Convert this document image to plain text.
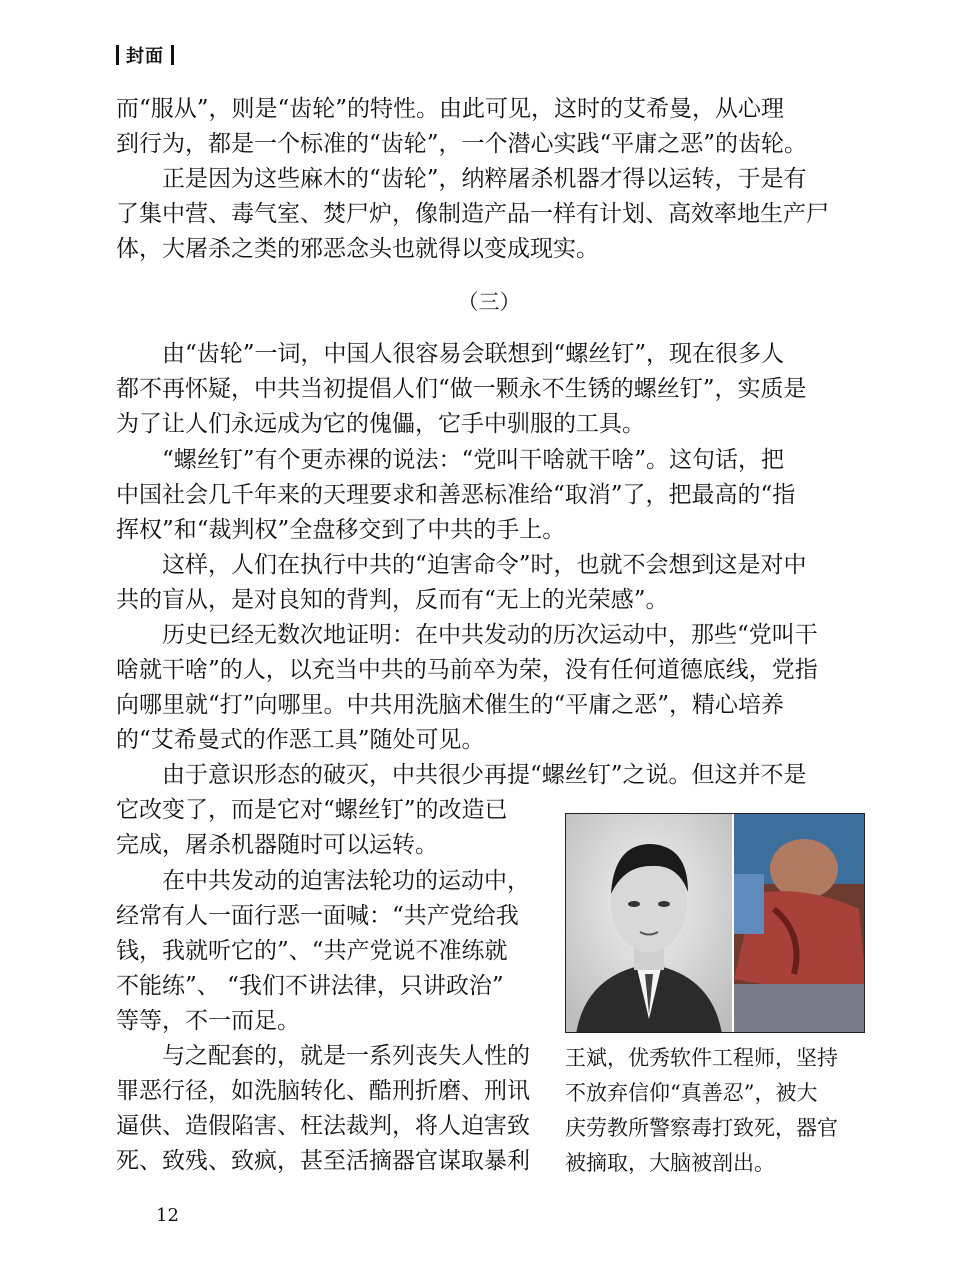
封面
而“服从”，则是“齿轮”的特性。由此可见，这时的艾希曼，从心理
到行为，都是一个标准的“齿轮”，一个潜心实践“平庸之恶”的齿轮。
　　正是因为这些麻木的“齿轮”，纳粹屠杀机器才得以运转，于是有
了集中营、毒气室、焚尸炉，像制造产品一样有计划、高效率地生产尸
体，大屠杀之类的邪恶念头也就得以变成现实。
（三）
　　由“齿轮”一词，中国人很容易会联想到“螺丝钉”，现在很多人
都不再怀疑，中共当初提倡人们“做一颗永不生锈的螺丝钉”，实质是
为了让人们永远成为它的傀儡，它手中驯服的工具。
　　“螺丝钉”有个更赤裸的说法：“党叫干啥就干啥”。这句话，把
中国社会几千年来的天理要求和善恶标准给“取消”了，把最高的“指
挥权”和“裁判权”全盘移交到了中共的手上。
　　这样，人们在执行中共的“迫害命令”时，也就不会想到这是对中
共的盲从，是对良知的背判，反而有“无上的光荣感”。
　　历史已经无数次地证明：在中共发动的历次运动中，那些“党叫干
啥就干啥”的人，以充当中共的马前卒为荣，没有任何道德底线，党指
向哪里就“打”向哪里。中共用洗脑术催生的“平庸之恶”，精心培养
的“艾希曼式的作恶工具”随处可见。
　　由于意识形态的破灭，中共很少再提“螺丝钉”之说。但这并不是
它改变了，而是它对“螺丝钉”的改造已
完成，屠杀机器随时可以运转。
　　在中共发动的迫害法轮功的运动中，
经常有人一面行恶一面喊：“共产党给我
钱，我就听它的”、“共产党说不准练就
不能练”、 “我们不讲法律，只讲政治”
等等，不一而足。
　　与之配套的，就是一系列丧失人性的
罪恶行径，如洗脑转化、酷刑折磨、刑讯
逼供、造假陷害、枉法裁判，将人迫害致
死、致残、致疯，甚至活摘器官谋取暴利
王斌，优秀软件工程师，坚持
不放弃信仰“真善忍”，被大
庆劳教所警察毒打致死，器官
被摘取，大脑被剖出。
12
